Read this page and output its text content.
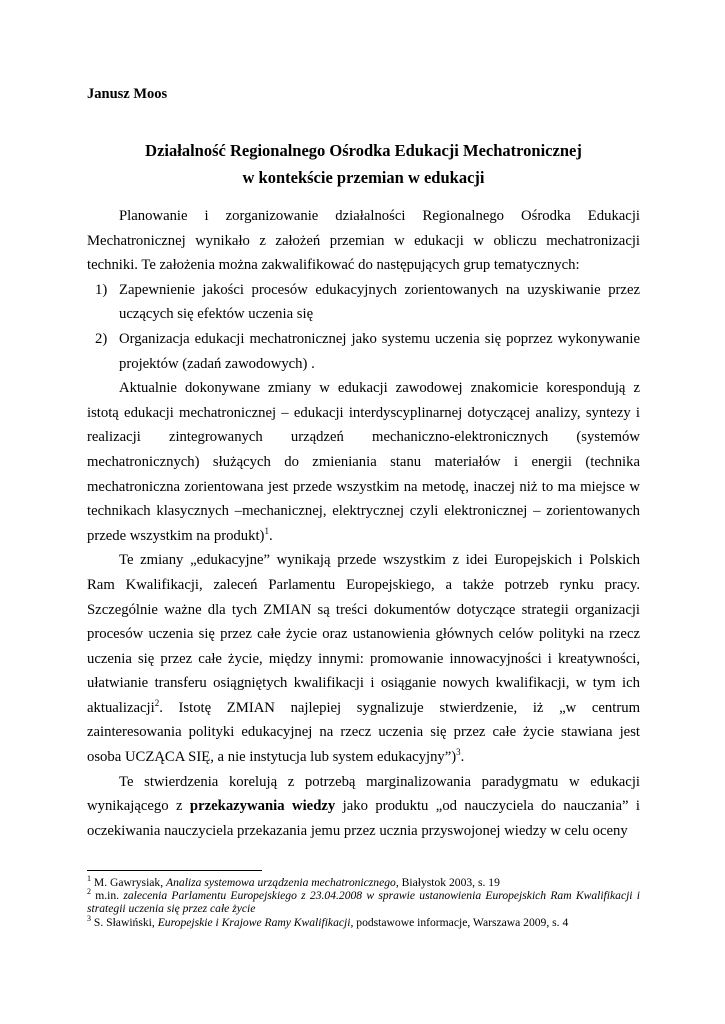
Janusz Moos
Działalność Regionalnego Ośrodka Edukacji Mechatronicznej
w kontekście przemian w edukacji

Planowanie i zorganizowanie działalności Regionalnego Ośrodka Edukacji Mechatronicznej wynikało z założeń przemian w edukacji w obliczu mechatronizacji techniki. Te założenia można zakwalifikować do następujących grup tematycznych:

1) Zapewnienie jakości procesów edukacyjnych zorientowanych na uzyskiwanie przez uczących się efektów uczenia się
2) Organizacja edukacji mechatronicznej jako systemu uczenia się poprzez wykonywanie projektów (zadań zawodowych) .

Aktualnie dokonywane zmiany w edukacji zawodowej znakomicie korespondują z istotą edukacji mechatronicznej – edukacji interdyscyplinarnej dotyczącej analizy, syntezy i realizacji zintegrowanych urządzeń mechaniczno-elektronicznych (systemów mechatronicznych) służących do zmieniania stanu materiałów i energii (technika mechatroniczna zorientowana jest przede wszystkim na metodę, inaczej niż to ma miejsce w technikach klasycznych –mechanicznej, elektrycznej czyli elektronicznej – zorientowanych przede wszystkim na produkt)$^1$.

Te zmiany „edukacyjne” wynikają przede wszystkim z idei Europejskich i Polskich Ram Kwalifikacji, zaleceń Parlamentu Europejskiego, a także potrzeb rynku pracy. Szczególnie ważne dla tych ZMIAN są treści dokumentów dotyczące strategii organizacji procesów uczenia się przez całe życie oraz ustanowienia głównych celów polityki na rzecz uczenia się przez całe życie, między innymi: promowanie innowacyjności i kreatywności, ułatwianie transferu osiągniętych kwalifikacji i osiąganie nowych kwalifikacji, w tym ich aktualizacji$^2$. Istotę ZMIAN najlepiej sygnalizuje stwierdzenie, iż „w centrum zainteresowania polityki edukacyjnej na rzecz uczenia się przez całe życie stawiana jest osoba UCZĄCA SIĘ, a nie instytucja lub system edukacyjny”)$^3$.

Te stwierdzenia korelują z potrzebą marginalizowania paradygmatu w edukacji wynikającego z przekazywania wiedzy jako produktu „od nauczyciela do nauczania” i oczekiwania nauczyciela przekazania jemu przez ucznia przyswojonej wiedzy w celu oceny

$^1$ M. Gawrysiak, Analiza systemowa urządzenia mechatronicznego, Białystok 2003, s. 19
$^2$ m.in. zalecenia Parlamentu Europejskiego z 23.04.2008 w sprawie ustanowienia Europejskich Ram Kwalifikacji i strategii uczenia się przez całe życie
$^3$ S. Sławiński, Europejskie i Krajowe Ramy Kwalifikacji, podstawowe informacje, Warszawa 2009, s. 4
